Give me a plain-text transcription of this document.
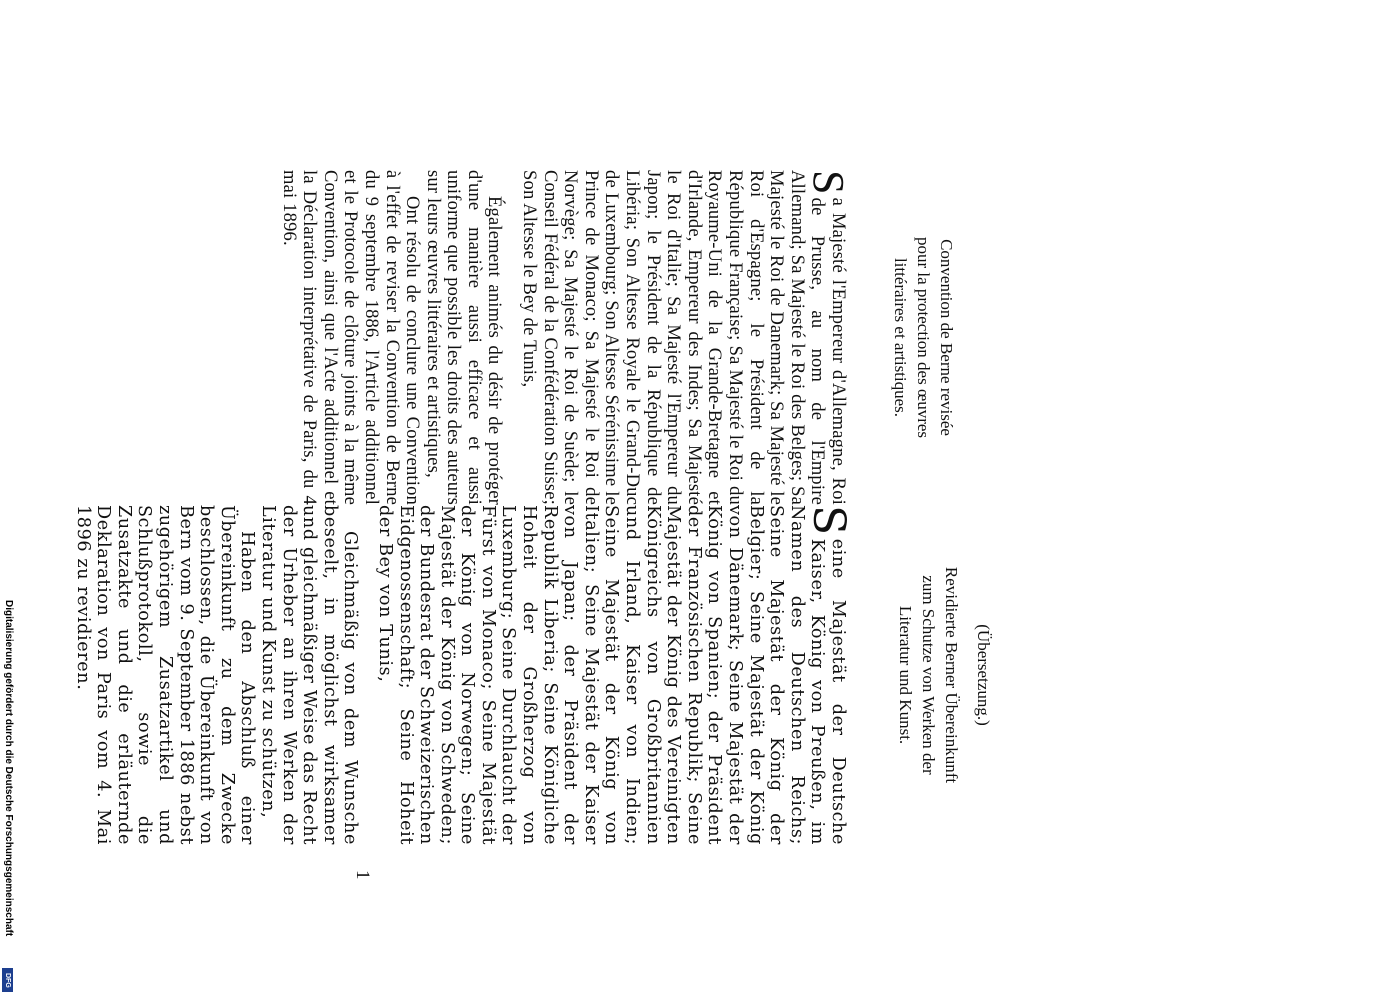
Digitalisierung gefördert durch die Deutsche Forschungsgemeinschaft
DFG
Convention de Berne revisée
pour la protection des œuvres
littéraires et artistiques.

S
a Majesté l'Empereur d'Allemagne, Roi de Prusse, au nom de l'Empire Allemand; Sa Majesté le Roi des Belges; Sa Majesté le Roi de Danemark; Sa Majesté le Roi d'Espagne; le Président de la République Française; Sa Majesté le Roi du Royaume-Uni de la Grande-Bretagne et d'Irlande, Empereur des Indes; Sa Majesté le Roi d'Italie; Sa Majesté l'Empereur du Japon; le Président de la République de Libéria; Son Altesse Royale le Grand-Duc de Luxembourg; Son Altesse Sérénissime le Prince de Monaco; Sa Majesté le Roi de Norvège; Sa Majesté le Roi de Suède; le Conseil Fédéral de la Confédération Suisse; Son Altesse le Bey de Tunis,

Également animés du désir de protéger d'une manière aussi efficace et aussi uniforme que possible les droits des auteurs sur leurs œuvres littéraires et artistiques,

Ont résolu de conclure une Convention à l'effet de reviser la Convention de Berne du 9 septembre 1886, l'Article additionnel et le Protocole de clôture joints à la même Convention, ainsi que l'Acte additionnel et la Déclaration interprétative de Paris, du 4 mai 1896.

(Übersetzung.)
Revidierte Berner Übereinkunft
zum Schutze von Werken der
Literatur und Kunst.

S
eine Majestät der Deutsche Kaiser, König von Preußen, im Namen des Deutschen Reichs; Seine Majestät der König der Belgier; Seine Majestät der König von Dänemark; Seine Majestät der König von Spanien; der Präsident der Französischen Republik; Seine Majestät der König des Vereinigten Königreichs von Großbritannien und Irland, Kaiser von Indien; Seine Majestät der König von Italien; Seine Majestät der Kaiser von Japan; der Präsident der Republik Liberia; Seine Königliche Hoheit der Großherzog von Luxemburg; Seine Durchlaucht der Fürst von Monaco; Seine Majestät der König von Norwegen; Seine Majestät der König von Schweden; der Bundesrat der Schweizerischen Eidgenossenschaft; Seine Hoheit der Bey von Tunis,

Gleichmäßig von dem Wunsche beseelt, in möglichst wirksamer und gleichmäßiger Weise das Recht der Urheber an ihren Werken der Literatur und Kunst zu schützen,

Haben den Abschluß einer Übereinkunft zu dem Zwecke beschlossen, die Übereinkunft von Bern vom 9. September 1886 nebst zugehörigem Zusatzartikel und Schlußprotokoll, sowie die Zusatzakte und die erläuternde Deklaration von Paris vom 4. Mai 1896 zu revidieren.

1
